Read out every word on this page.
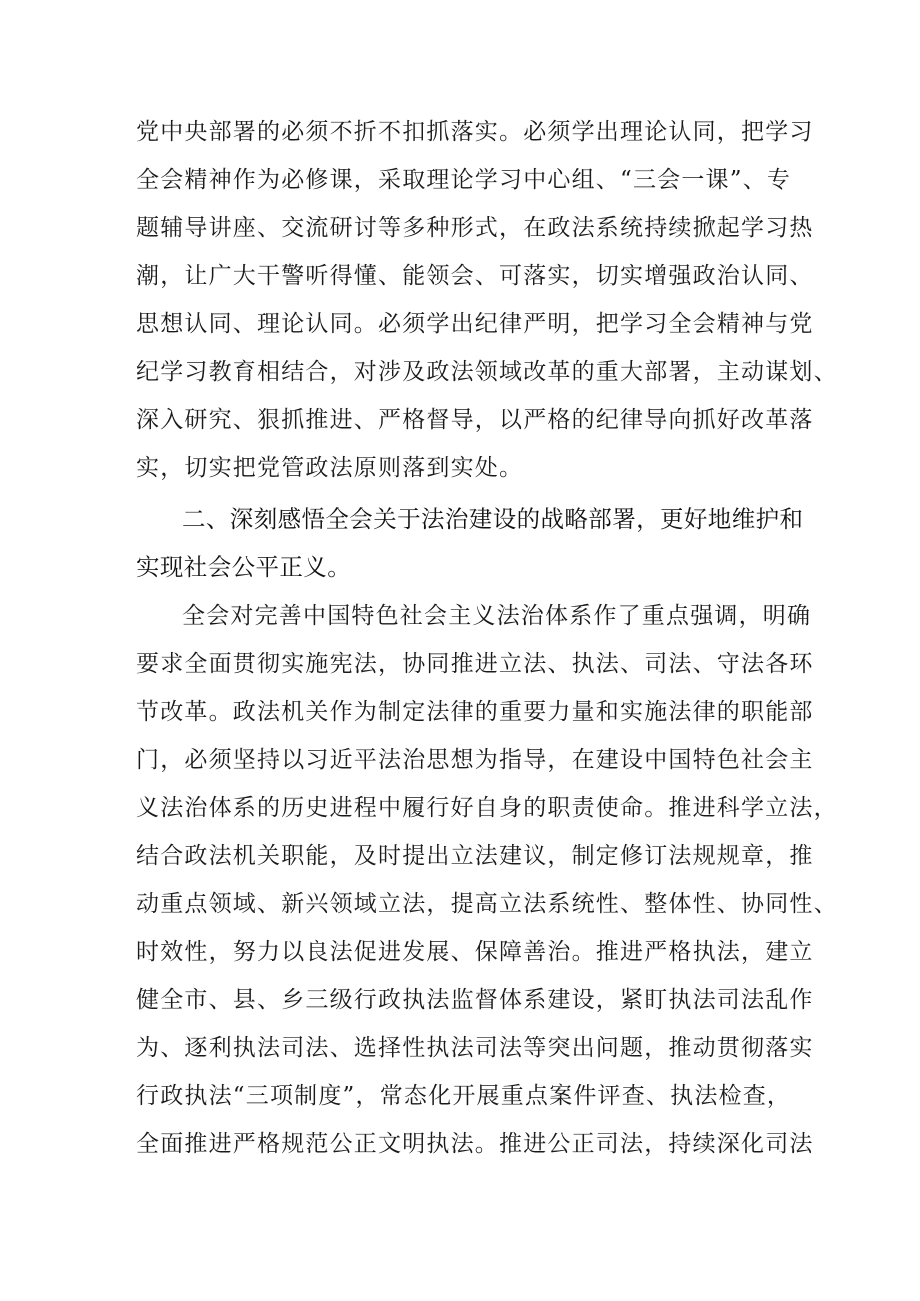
党中央部署的必须不折不扣抓落实。必须学出理论认同，把学习
全会精神作为必修课，采取理论学习中心组、“三会一课”、专
题辅导讲座、交流研讨等多种形式，在政法系统持续掀起学习热
潮，让广大干警听得懂、能领会、可落实，切实增强政治认同、
思想认同、理论认同。必须学出纪律严明，把学习全会精神与党
纪学习教育相结合，对涉及政法领域改革的重大部署，主动谋划、
深入研究、狠抓推进、严格督导，以严格的纪律导向抓好改革落
实，切实把党管政法原则落到实处。
二、深刻感悟全会关于法治建设的战略部署，更好地维护和
实现社会公平正义。
全会对完善中国特色社会主义法治体系作了重点强调，明确
要求全面贯彻实施宪法，协同推进立法、执法、司法、守法各环
节改革。政法机关作为制定法律的重要力量和实施法律的职能部
门，必须坚持以习近平法治思想为指导，在建设中国特色社会主
义法治体系的历史进程中履行好自身的职责使命。推进科学立法，
结合政法机关职能，及时提出立法建议，制定修订法规规章，推
动重点领域、新兴领域立法，提高立法系统性、整体性、协同性、
时效性，努力以良法促进发展、保障善治。推进严格执法，建立
健全市、县、乡三级行政执法监督体系建设，紧盯执法司法乱作
为、逐利执法司法、选择性执法司法等突出问题，推动贯彻落实
行政执法“三项制度”，常态化开展重点案件评查、执法检查，
全面推进严格规范公正文明执法。推进公正司法，持续深化司法
